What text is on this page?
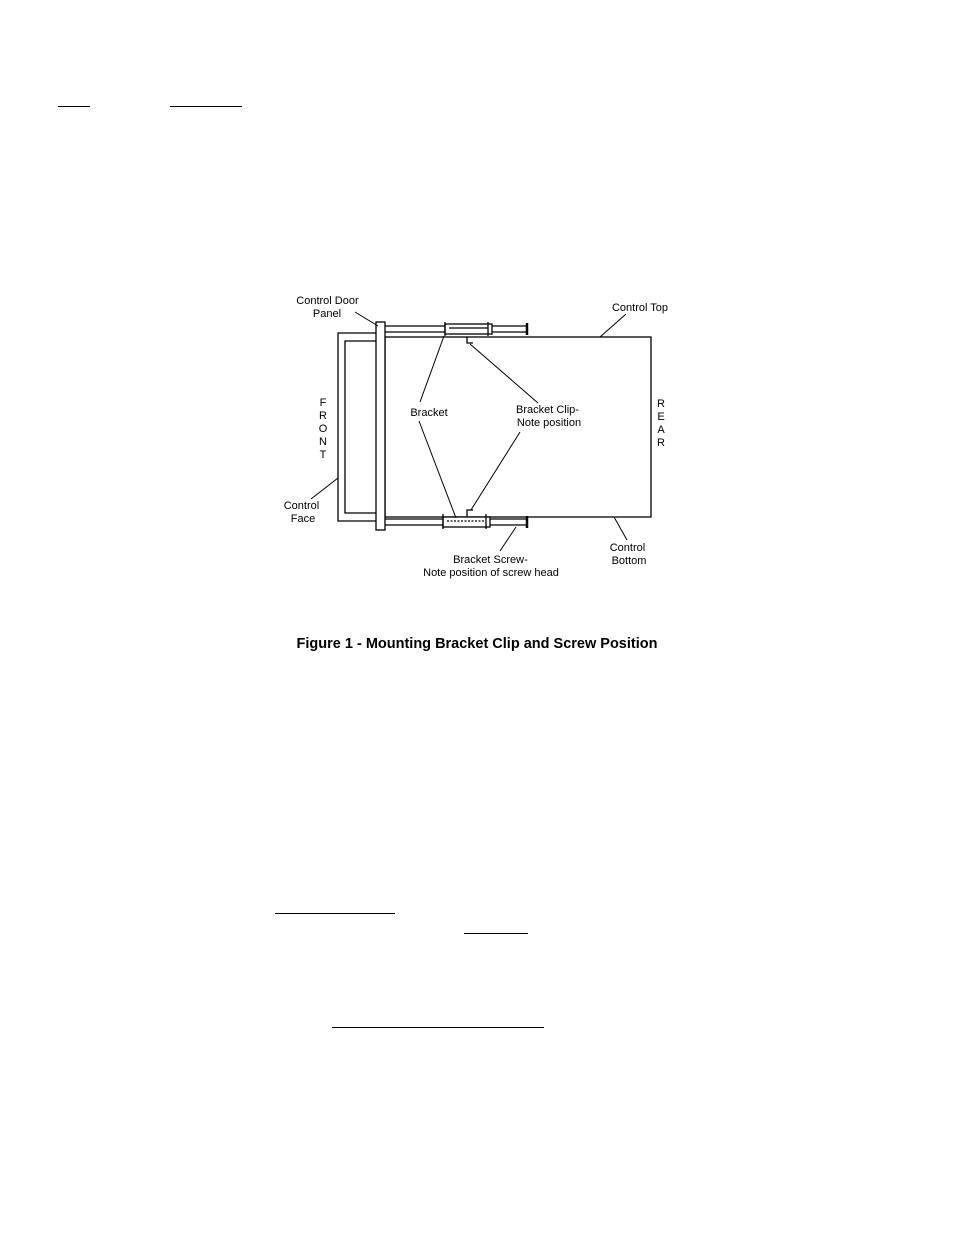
Control Door Panel	Control Top
F
R
O
N
T
R
E
A
R
Bracket	Bracket Clip- Note position
Control Face
Control Bottom
Bracket Screw- Note position of screw head
Figure 1 - Mounting Bracket Clip and Screw Position
